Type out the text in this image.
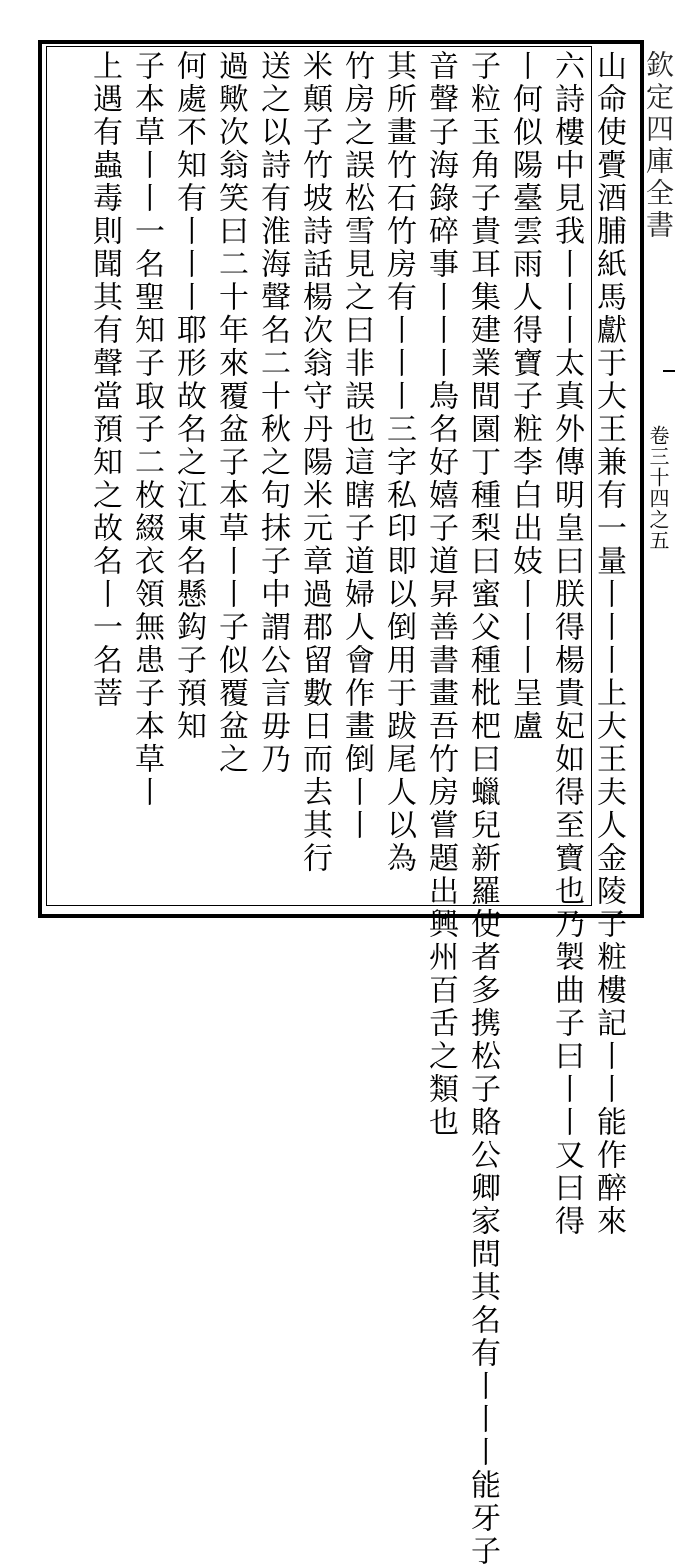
欽定四庫全書
卷三十四之五
山命使賷酒脯紙馬獻于大王兼有一量丨丨丨上大王夫人金陵子粧樓記丨丨能作醉來
六詩樓中見我丨丨丨太真外傳明皇曰朕得楊貴妃如得至寶也乃製曲子曰丨丨又曰得
丨何似陽臺雲雨人得寶子粧李白出妓丨丨丨呈盧
子粒玉角子貴耳集建業間園丁種梨曰蜜父種枇杷曰蠟兒新羅使者多携松子賂公卿家問其名有丨丨丨能牙子
音聲子海錄碎事丨丨丨鳥名好嬉子道昇善書畫吾竹房嘗題出興州百舌之類也
其所畫竹石竹房有丨丨丨三字私印即以倒用于跋尾人以為
竹房之誤松雪見之曰非誤也這瞎子道婦人會作畫倒丨丨
米顛子竹坡詩話楊次翁守丹陽米元章過郡留數日而去其行
送之以詩有淮海聲名二十秋之句抹子中謂公言毋乃
過歟次翁笑曰二十年來覆盆子本草丨丨子似覆盆之
何處不知有丨丨丨耶形故名之江東名懸鈎子預知
子本草丨丨一名聖知子取子二枚綴衣領無患子本草丨
上遇有蟲毒則聞其有聲當預知之故名丨一名菩
